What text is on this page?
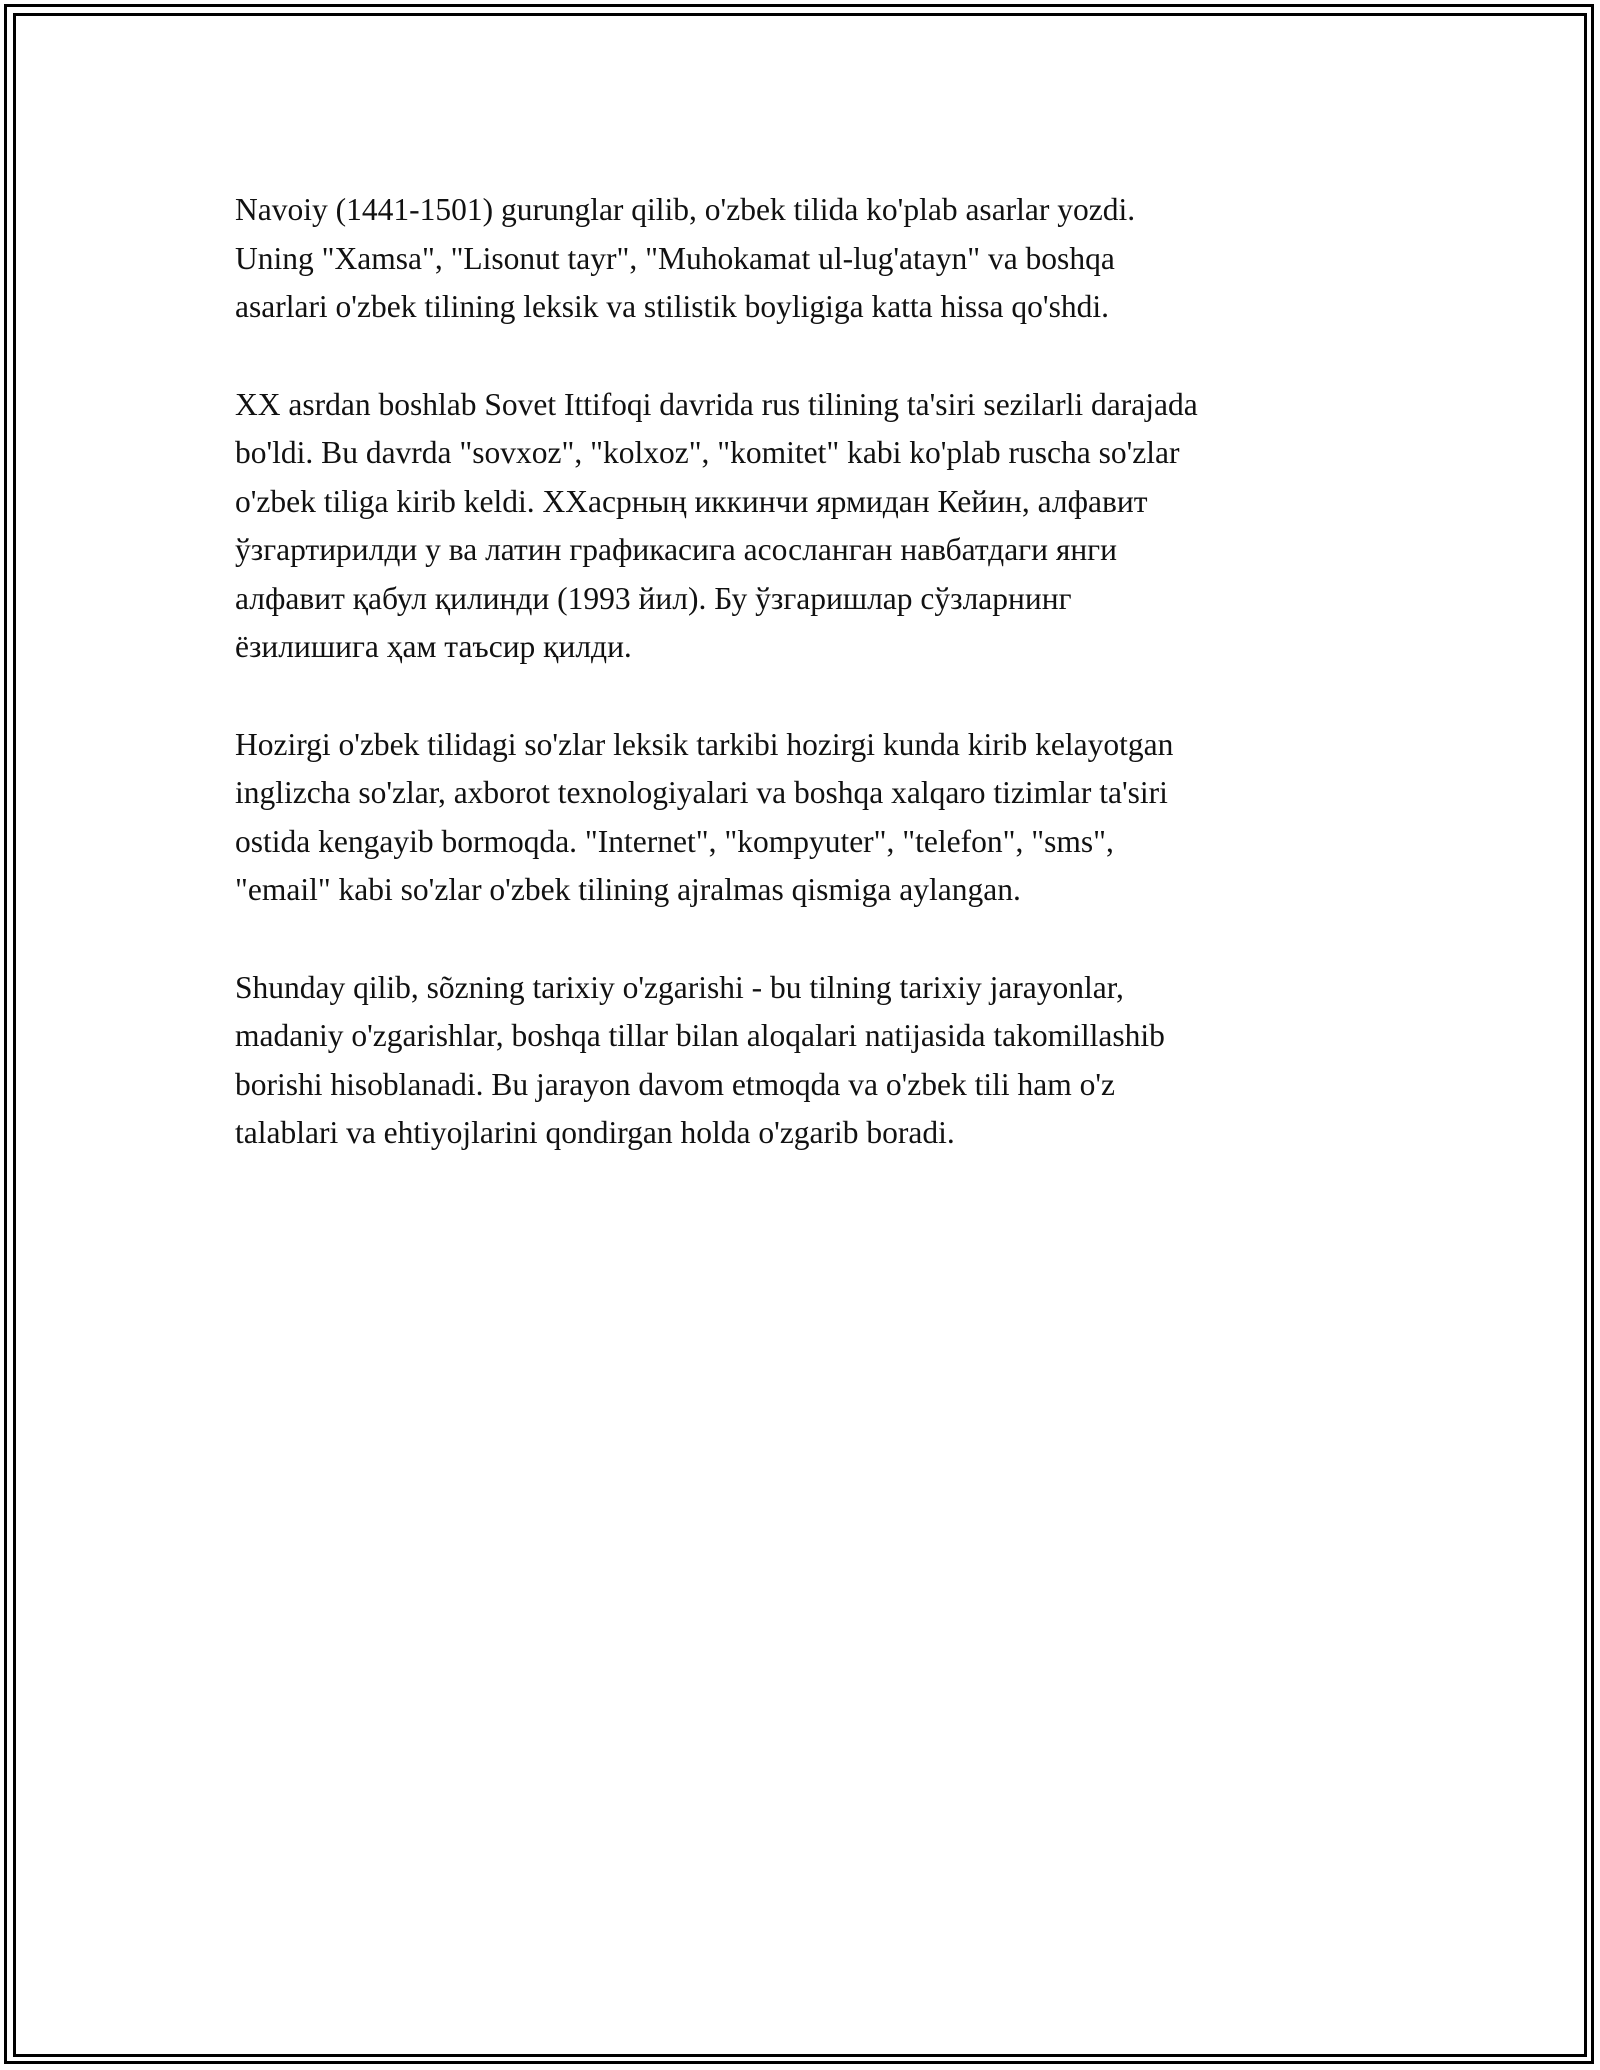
Navoiy (1441-1501) gurunglar qilib, o'zbek tilida ko'plab asarlar yozdi.
Uning "Xamsa", "Lisonut tayr", "Muhokamat ul-lug'atayn" va boshqa
asarlari o'zbek tilining leksik va stilistik boyligiga katta hissa qo'shdi.

XX asrdan boshlab Sovet Ittifoqi davrida rus tilining ta'siri sezilarli darajada
bo'ldi. Bu davrda "sovxoz", "kolxoz", "komitet" kabi ko'plab ruscha so'zlar
o'zbek tiliga kirib keldi. XXасрның иккинчи ярмидан Кейин, алфавит
ўзгартирилди у ва латин графикасига асосланган навбатдаги янги
алфавит қабул қилинди (1993 йил). Бу ўзгаришлар сўзларнинг
ёзилишига ҳам таъсир қилди.

Hozirgi o'zbek tilidagi so'zlar leksik tarkibi hozirgi kunda kirib kelayotgan
inglizcha so'zlar, axborot texnologiyalari va boshqa xalqaro tizimlar ta'siri
ostida kengayib bormoqda. "Internet", "kompyuter", "telefon", "sms",
"email" kabi so'zlar o'zbek tilining ajralmas qismiga aylangan.

Shunday qilib, sõzning tarixiy o'zgarishi - bu tilning tarixiy jarayonlar,
madaniy o'zgarishlar, boshqa tillar bilan aloqalari natijasida takomillashib
borishi hisoblanadi. Bu jarayon davom etmoqda va o'zbek tili ham o'z
talablari va ehtiyojlarini qondirgan holda o'zgarib boradi.
